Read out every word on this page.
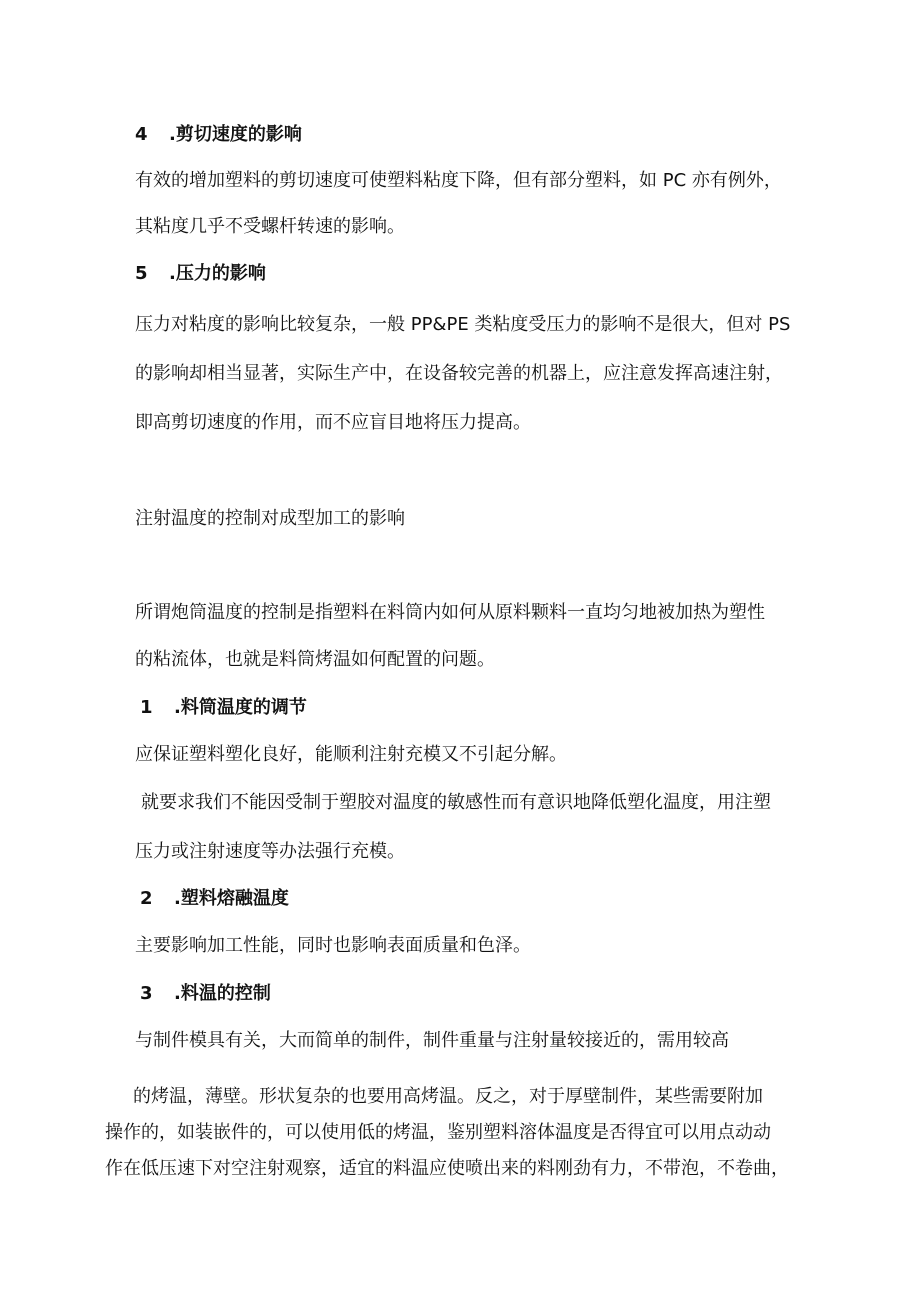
4 .剪切速度的影响
有效的增加塑料的剪切速度可使塑料粘度下降，但有部分塑料，如 PC 亦有例外，
其粘度几乎不受螺杆转速的影响。
5 .压力的影响
压力对粘度的影响比较复杂，一般 PP&PE 类粘度受压力的影响不是很大，但对 PS
的影响却相当显著，实际生产中，在设备较完善的机器上，应注意发挥高速注射，
即高剪切速度的作用，而不应盲目地将压力提高。
注射温度的控制对成型加工的影响
所谓炮筒温度的控制是指塑料在料筒内如何从原料颗料一直均匀地被加热为塑性
的粘流体，也就是料筒烤温如何配置的问题。
1 .料筒温度的调节
应保证塑料塑化良好，能顺利注射充模又不引起分解。
就要求我们不能因受制于塑胶对温度的敏感性而有意识地降低塑化温度，用注塑
压力或注射速度等办法强行充模。
2 .塑料熔融温度
主要影响加工性能，同时也影响表面质量和色泽。
3 .料温的控制
与制件模具有关，大而简单的制件，制件重量与注射量较接近的，需用较高
的烤温，薄壁。形状复杂的也要用高烤温。反之，对于厚壁制件，某些需要附加
操作的，如装嵌件的，可以使用低的烤温，鉴别塑料溶体温度是否得宜可以用点动动
作在低压速下对空注射观察，适宜的料温应使喷出来的料刚劲有力，不带泡，不卷曲，
